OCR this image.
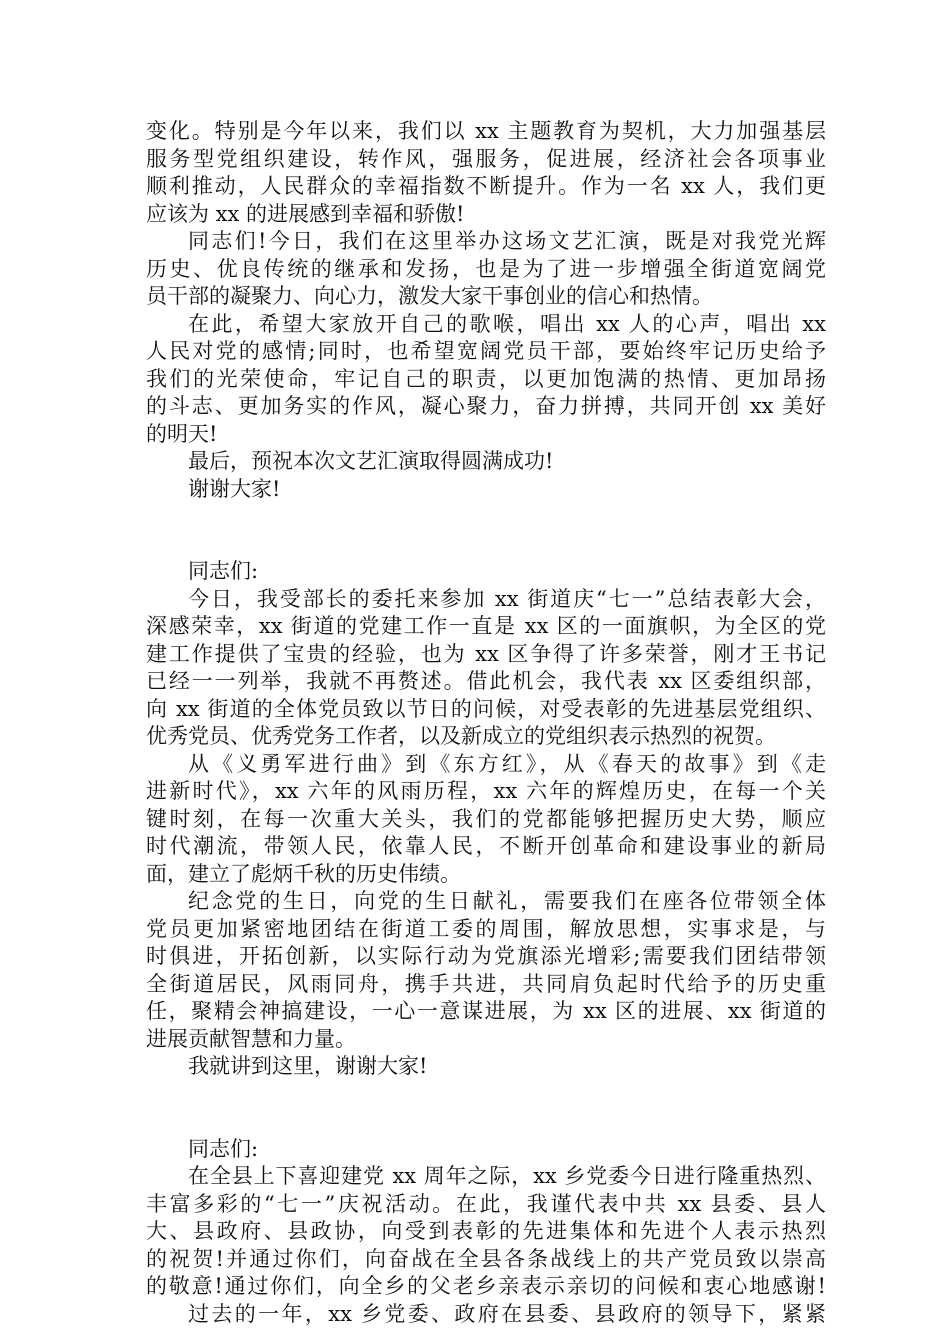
变化。特别是今年以来，我们以 xx 主题教育为契机，大力加强基层
服务型党组织建设，转作风，强服务，促进展，经济社会各项事业
顺利推动，人民群众的幸福指数不断提升。作为一名 xx 人，我们更
应该为 xx 的进展感到幸福和骄傲!
同志们!今日，我们在这里举办这场文艺汇演，既是对我党光辉
历史、优良传统的继承和发扬，也是为了进一步增强全街道宽阔党
员干部的凝聚力、向心力，激发大家干事创业的信心和热情。
在此，希望大家放开自己的歌喉，唱出 xx 人的心声，唱出 xx
人民对党的感情;同时，也希望宽阔党员干部，要始终牢记历史给予
我们的光荣使命，牢记自己的职责，以更加饱满的热情、更加昂扬
的斗志、更加务实的作风，凝心聚力，奋力拼搏，共同开创 xx 美好
的明天!
最后，预祝本次文艺汇演取得圆满成功!
谢谢大家!
同志们:
今日，我受部长的委托来参加 xx 街道庆“七一”总结表彰大会，
深感荣幸，xx 街道的党建工作一直是 xx 区的一面旗帜，为全区的党
建工作提供了宝贵的经验，也为 xx 区争得了许多荣誉，刚才王书记
已经一一列举，我就不再赘述。借此机会，我代表 xx 区委组织部，
向 xx 街道的全体党员致以节日的问候，对受表彰的先进基层党组织、
优秀党员、优秀党务工作者，以及新成立的党组织表示热烈的祝贺。
从《义勇军进行曲》到《东方红》，从《春天的故事》到《走
进新时代》，xx 六年的风雨历程，xx 六年的辉煌历史，在每一个关
键时刻，在每一次重大关头，我们的党都能够把握历史大势，顺应
时代潮流，带领人民，依靠人民，不断开创革命和建设事业的新局
面，建立了彪炳千秋的历史伟绩。
纪念党的生日，向党的生日献礼，需要我们在座各位带领全体
党员更加紧密地团结在街道工委的周围，解放思想，实事求是，与
时俱进，开拓创新，以实际行动为党旗添光增彩;需要我们团结带领
全街道居民，风雨同舟，携手共进，共同肩负起时代给予的历史重
任，聚精会神搞建设，一心一意谋进展，为 xx 区的进展、xx 街道的
进展贡献智慧和力量。
我就讲到这里，谢谢大家!
同志们:
在全县上下喜迎建党 xx 周年之际，xx 乡党委今日进行隆重热烈、
丰富多彩的“七一”庆祝活动。在此，我谨代表中共 xx 县委、县人
大、县政府、县政协，向受到表彰的先进集体和先进个人表示热烈
的祝贺!并通过你们，向奋战在全县各条战线上的共产党员致以崇高
的敬意!通过你们，向全乡的父老乡亲表示亲切的问候和衷心地感谢!
过去的一年，xx 乡党委、政府在县委、县政府的领导下，紧紧
